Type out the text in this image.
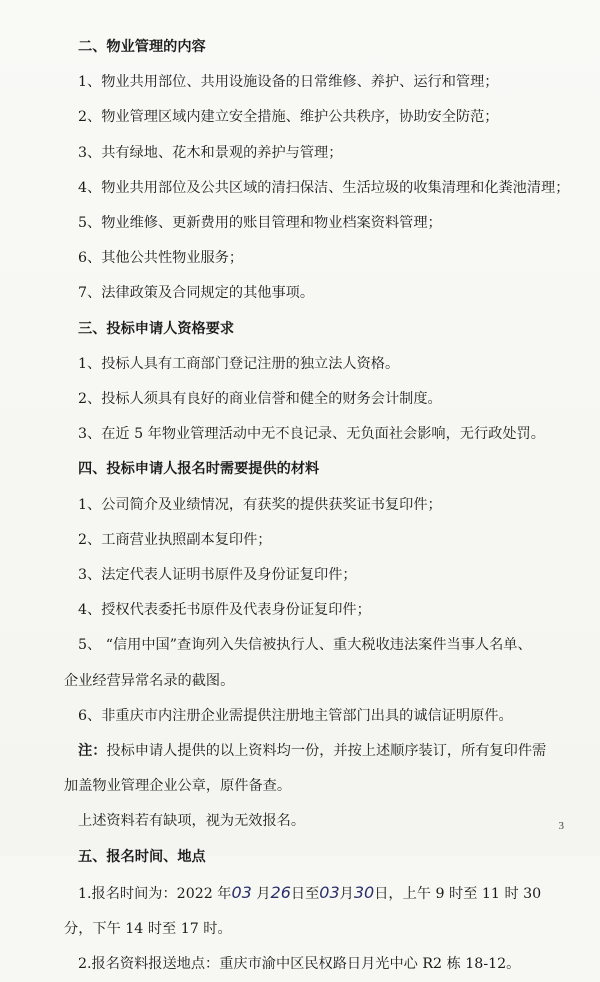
二、物业管理的内容
1、物业共用部位、共用设施设备的日常维修、养护、运行和管理；
2、物业管理区域内建立安全措施、维护公共秩序，协助安全防范；
3、共有绿地、花木和景观的养护与管理；
4、物业共用部位及公共区域的清扫保洁、生活垃圾的收集清理和化粪池清理；
5、物业维修、更新费用的账目管理和物业档案资料管理；
6、其他公共性物业服务；
7、法律政策及合同规定的其他事项。
三、投标申请人资格要求
1、投标人具有工商部门登记注册的独立法人资格。
2、投标人须具有良好的商业信誉和健全的财务会计制度。
3、在近 5 年物业管理活动中无不良记录、无负面社会影响，无行政处罚。
四、投标申请人报名时需要提供的材料
1、公司简介及业绩情况，有获奖的提供获奖证书复印件；
2、工商营业执照副本复印件；
3、法定代表人证明书原件及身份证复印件；
4、授权代表委托书原件及代表身份证复印件；
5、 “信用中国”查询列入失信被执行人、重大税收违法案件当事人名单、
企业经营异常名录的截图。
6、非重庆市内注册企业需提供注册地主管部门出具的诚信证明原件。
注：投标申请人提供的以上资料均一份，并按上述顺序装订，所有复印件需
加盖物业管理企业公章，原件备查。
上述资料若有缺项，视为无效报名。
五、报名时间、地点
1.报名时间为：2022 年03 月26日至03月30日，上午 9 时至 11 时 30
分，下午 14 时至 17 时。
2.报名资料报送地点：重庆市渝中区民权路日月光中心 R2 栋 18-12。
3
